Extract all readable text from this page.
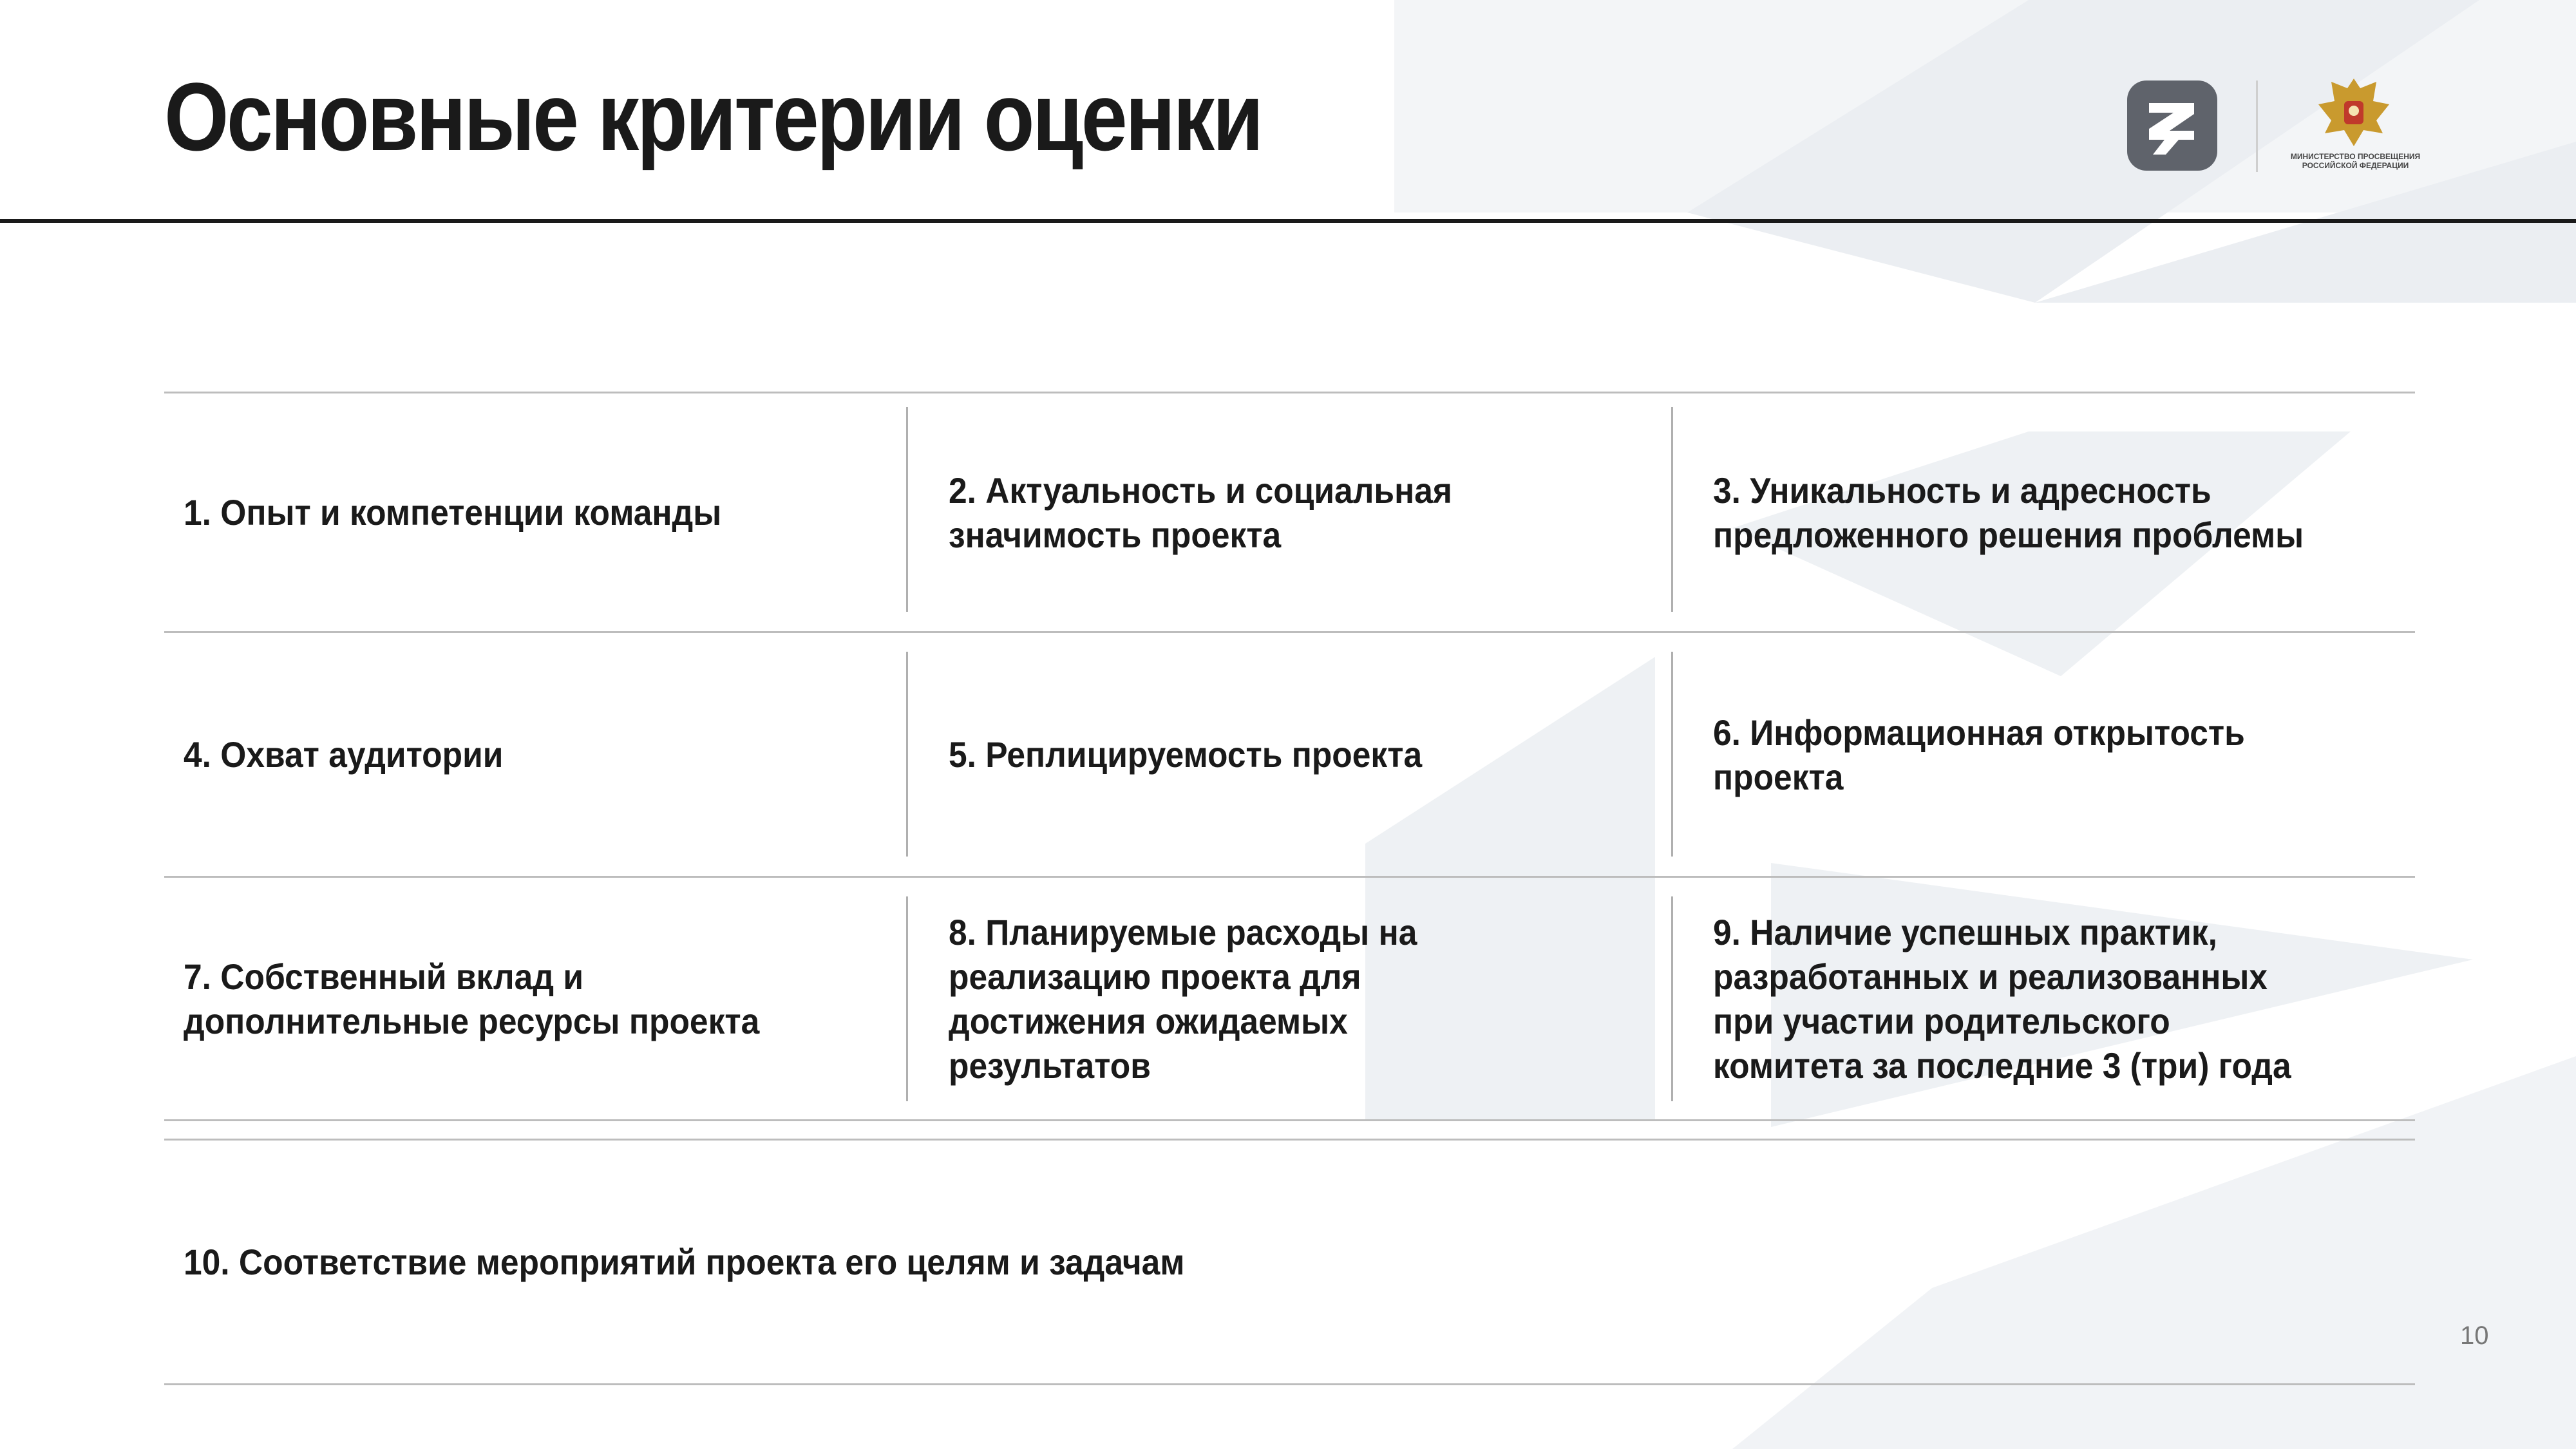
Основные критерии оценки	МИНИСТЕРСТВО ПРОСВЕЩЕНИЯ РОССИЙСКОЙ ФЕДЕРАЦИИ
1. Опыт и компетенции команды
2. Актуальность и социальная
значимость проекта
3. Уникальность и адресность
предложенного решения проблемы
4. Охват аудитории	5. Реплицируемость проекта
6. Информационная открытость
проекта
7. Собственный вклад и
дополнительные ресурсы проекта
8. Планируемые расходы на
реализацию проекта для
достижения ожидаемых
результатов
9. Наличие успешных практик,
разработанных и реализованных
при участии родительского
комитета за последние 3 (три) года
10. Соответствие мероприятий проекта его целям и задачам
10
